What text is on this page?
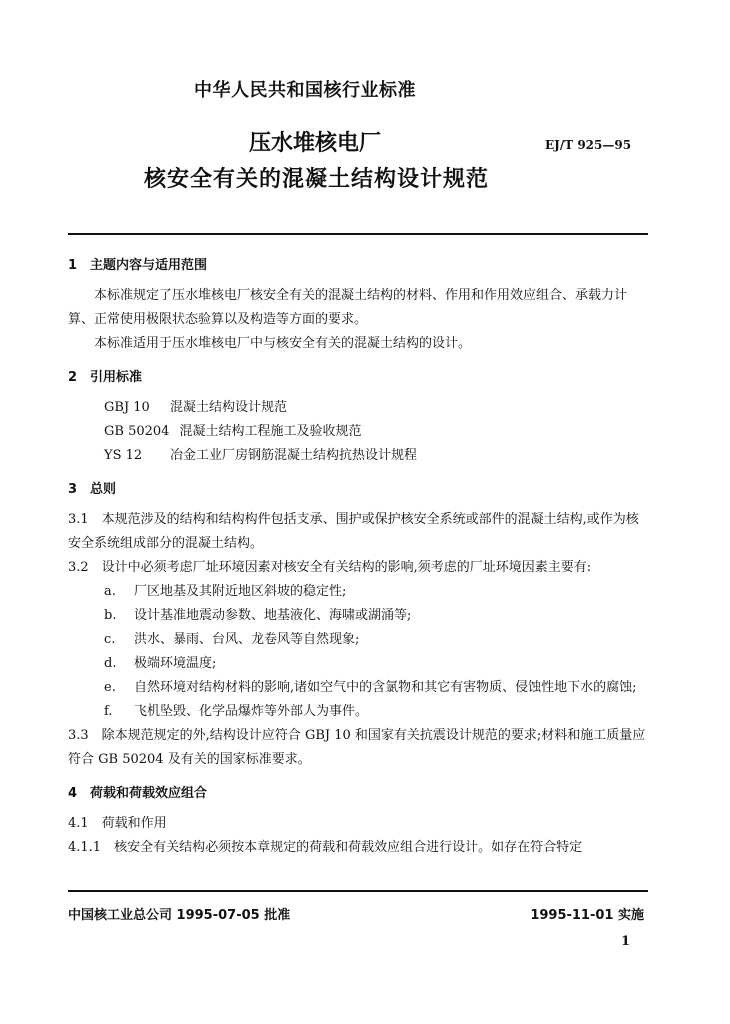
中华人民共和国核行业标准
压水堆核电厂
核安全有关的混凝土结构设计规范
EJ/T 925—95

1 主题内容与适用范围

本标准规定了压水堆核电厂核安全有关的混凝土结构的材料、作用和作用效应组合、承载力计算、正常使用极限状态验算以及构造等方面的要求。

本标准适用于压水堆核电厂中与核安全有关的混凝土结构的设计。

2 引用标准

GBJ 10 混凝土结构设计规范

GB 50204 混凝土结构工程施工及验收规范

YS 12 冶金工业厂房钢筋混凝土结构抗热设计规程

3 总则

3.1　本规范涉及的结构和结构构件包括支承、围护或保护核安全系统或部件的混凝土结构,或作为核安全系统组成部分的混凝土结构。

3.2　设计中必须考虑厂址环境因素对核安全有关结构的影响,须考虑的厂址环境因素主要有:

a. 厂区地基及其附近地区斜坡的稳定性;

b. 设计基准地震动参数、地基液化、海啸或湖涌等;

c. 洪水、暴雨、台风、龙卷风等自然现象;

d. 极端环境温度;

e. 自然环境对结构材料的影响,诸如空气中的含氯物和其它有害物质、侵蚀性地下水的腐蚀;

f. 飞机坠毁、化学品爆炸等外部人为事件。

3.3　除本规范规定的外,结构设计应符合 GBJ 10 和国家有关抗震设计规范的要求;材料和施工质量应符合 GB 50204 及有关的国家标准要求。

4 荷载和荷载效应组合

4.1　荷载和作用

4.1.1　核安全有关结构必须按本章规定的荷载和荷载效应组合进行设计。如存在符合特定

中国核工业总公司 1995-07-05 批准	1995-11-01 实施
1
